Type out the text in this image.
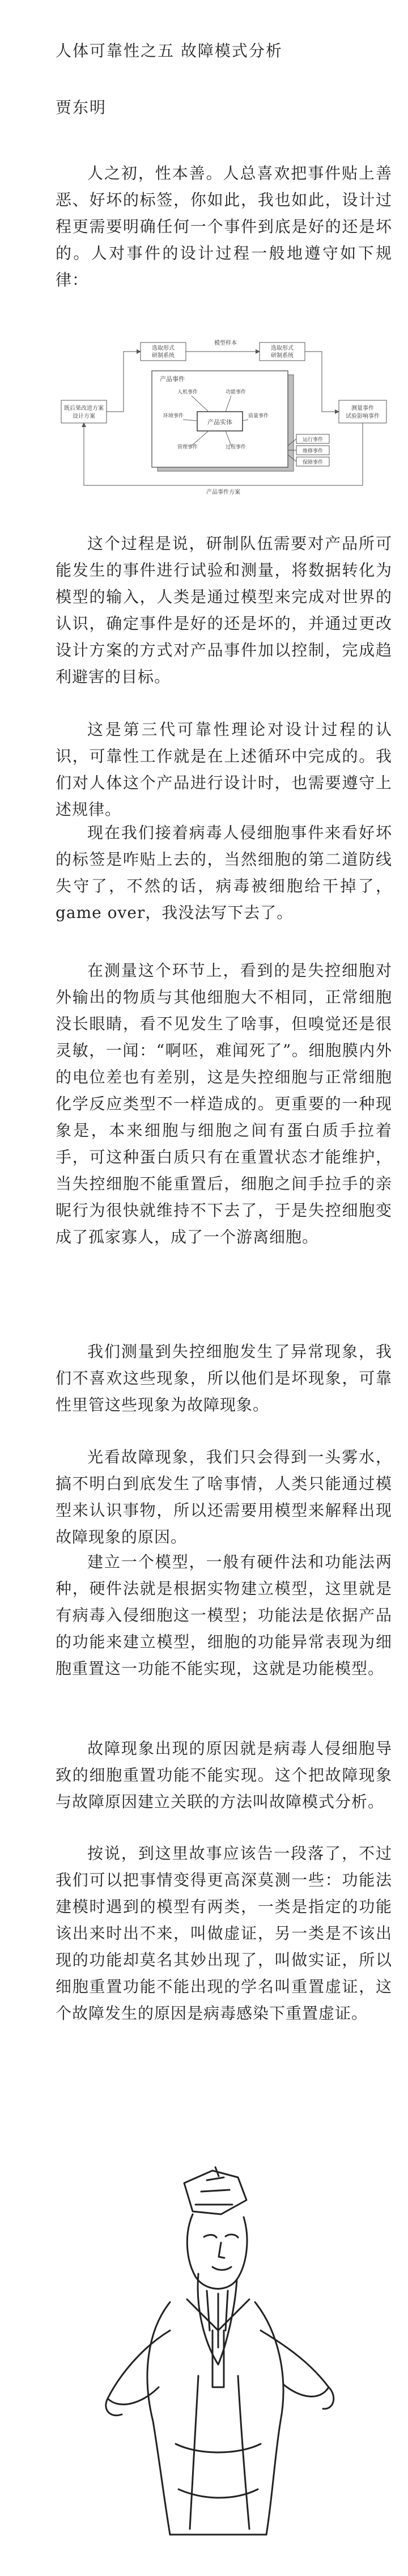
人体可靠性之五 故障模式分析
贾东明

人之初，性本善。人总喜欢把事件贴上善恶、好坏的标签，你如此，我也如此，设计过程更需要明确任何一个事件到底是好的还是坏的。人对事件的设计过程一般地遵守如下规律：

既后果改进方案
设计方案
选取形式
研制系统
模型样本
选取形式
研制系统
测量事件
试验影响事件
产品事件方案
产品事件
产品实体
人机事件	功能事件
环境事件	质量事件
管理事件	过程事件
运行事件
维修事件
保障事件

这个过程是说，研制队伍需要对产品所可能发生的事件进行试验和测量，将数据转化为模型的输入，人类是通过模型来完成对世界的认识，确定事件是好的还是坏的，并通过更改设计方案的方式对产品事件加以控制，完成趋利避害的目标。

这是第三代可靠性理论对设计过程的认识，可靠性工作就是在上述循环中完成的。我们对人体这个产品进行设计时，也需要遵守上述规律。

现在我们接着病毒人侵细胞事件来看好坏的标签是咋贴上去的，当然细胞的第二道防线失守了，不然的话，病毒被细胞给干掉了，game over，我没法写下去了。

在测量这个环节上，看到的是失控细胞对外输出的物质与其他细胞大不相同，正常细胞没长眼睛，看不见发生了啥事，但嗅觉还是很灵敏，一闻：“啊呸，难闻死了”。细胞膜内外的电位差也有差别，这是失控细胞与正常细胞化学反应类型不一样造成的。更重要的一种现象是，本来细胞与细胞之间有蛋白质手拉着手，可这种蛋白质只有在重置状态才能维护，当失控细胞不能重置后，细胞之间手拉手的亲昵行为很快就维持不下去了，于是失控细胞变成了孤家寡人，成了一个游离细胞。

我们测量到失控细胞发生了异常现象，我们不喜欢这些现象，所以他们是坏现象，可靠性里管这些现象为故障现象。

光看故障现象，我们只会得到一头雾水，搞不明白到底发生了啥事情，人类只能通过模型来认识事物，所以还需要用模型来解释出现故障现象的原因。

建立一个模型，一般有硬件法和功能法两种，硬件法就是根据实物建立模型，这里就是有病毒入侵细胞这一模型；功能法是依据产品的功能来建立模型，细胞的功能异常表现为细胞重置这一功能不能实现，这就是功能模型。

故障现象出现的原因就是病毒人侵细胞导致的细胞重置功能不能实现。这个把故障现象与故障原因建立关联的方法叫故障模式分析。

按说，到这里故事应该告一段落了，不过我们可以把事情变得更高深莫测一些：功能法建模时遇到的模型有两类，一类是指定的功能该出来时出不来，叫做虚证，另一类是不该出现的功能却莫名其妙出现了，叫做实证，所以细胞重置功能不能出现的学名叫重置虚证，这个故障发生的原因是病毒感染下重置虚证。
